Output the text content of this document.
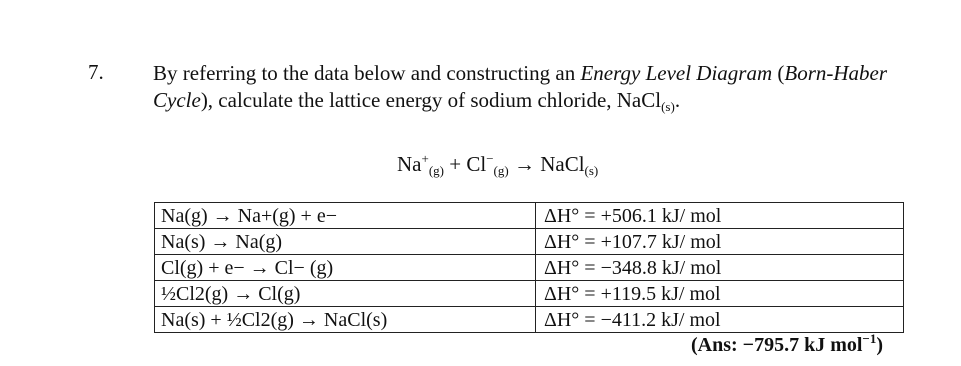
7. By referring to the data below and constructing an Energy Level Diagram (Born-Haber Cycle), calculate the lattice energy of sodium chloride, NaCl$_{(s)}$.
$Na^+_{(g)} + Cl^-_{(g)}$ → NaCl$_{(s)}$
Na(g) → Na+(g) + e−	ΔH° = +506.1 kJ/ mol
Na(s) → Na(g)	ΔH° = +107.7 kJ/ mol
Cl(g) + e− → Cl− (g)	ΔH° = −348.8 kJ/ mol
½Cl2(g) → Cl(g)	ΔH° = +119.5 kJ/ mol
Na(s) + ½Cl2(g) → NaCl(s)	ΔH° = −411.2 kJ/ mol
(Ans: −795.7 kJ mol$^{-1}$)
